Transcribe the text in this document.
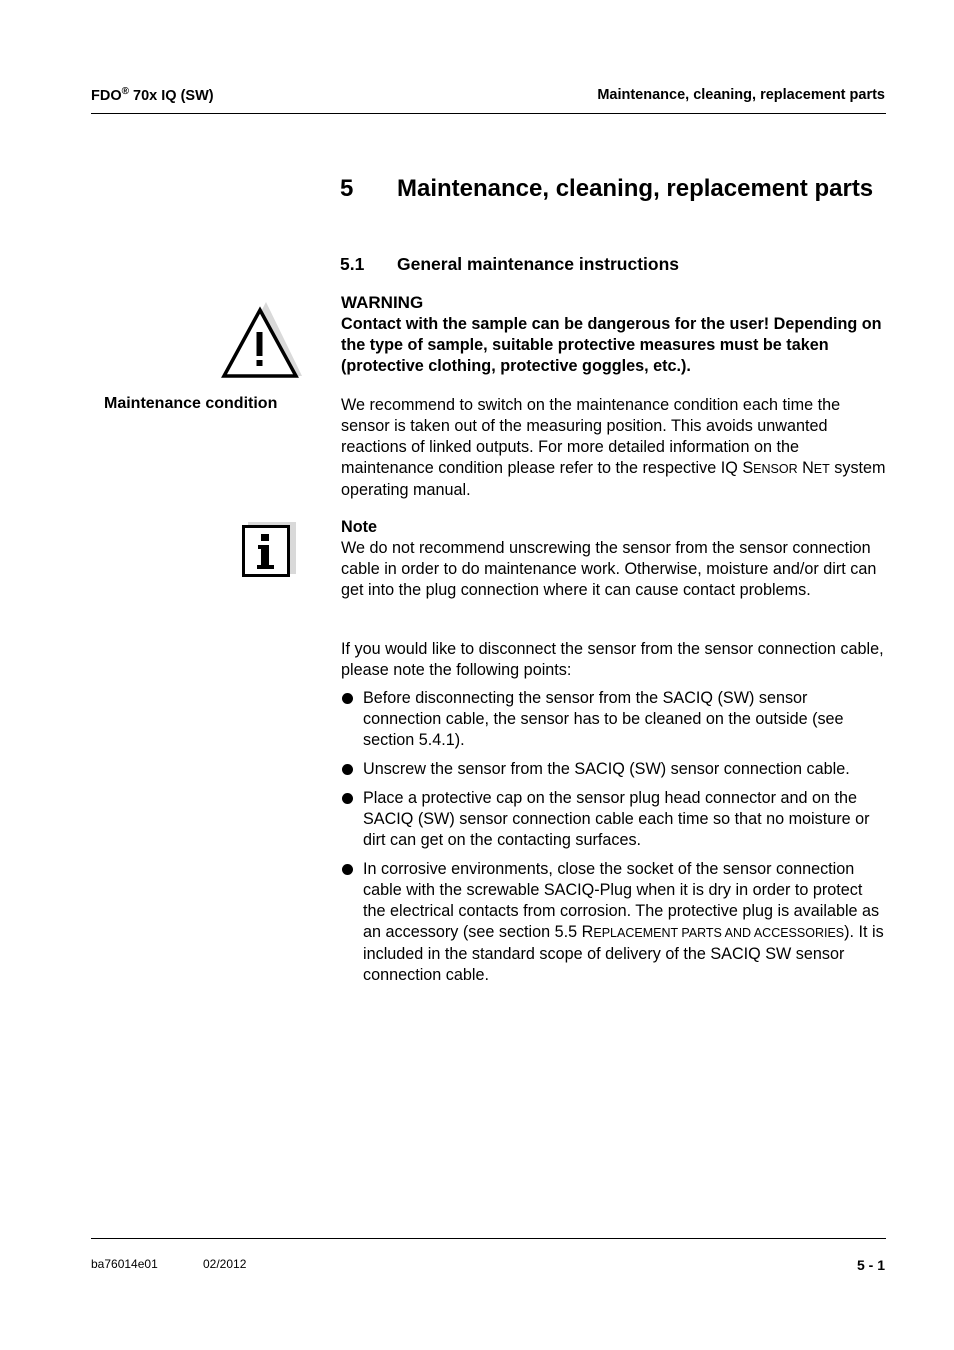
FDO® 70x IQ (SW)	Maintenance, cleaning, replacement parts
5 Maintenance, cleaning, replacement parts
5.1 General maintenance instructions
WARNING
Contact with the sample can be dangerous for the user! Depending on the type of sample, suitable protective measures must be taken (protective clothing, protective goggles, etc.).
Maintenance condition	We recommend to switch on the maintenance condition each time the sensor is taken out of the measuring position. This avoids unwanted reactions of linked outputs. For more detailed information on the maintenance condition please refer to the respective IQ SENSOR NET system operating manual.
Note
We do not recommend unscrewing the sensor from the sensor connection cable in order to do maintenance work. Otherwise, moisture and/or dirt can get into the plug connection where it can cause contact problems.
If you would like to disconnect the sensor from the sensor connection cable, please note the following points:
Before disconnecting the sensor from the SACIQ (SW) sensor connection cable, the sensor has to be cleaned on the outside (see section 5.4.1).
Unscrew the sensor from the SACIQ (SW) sensor connection cable.
Place a protective cap on the sensor plug head connector and on the SACIQ (SW) sensor connection cable each time so that no moisture or dirt can get on the contacting surfaces.
In corrosive environments, close the socket of the sensor connection cable with the screwable SACIQ-Plug when it is dry in order to protect the electrical contacts from corrosion. The protective plug is available as an accessory (see section 5.5 REPLACEMENT PARTS AND ACCESSORIES). It is included in the standard scope of delivery of the SACIQ SW sensor connection cable.
ba76014e01	02/2012	5 - 1
